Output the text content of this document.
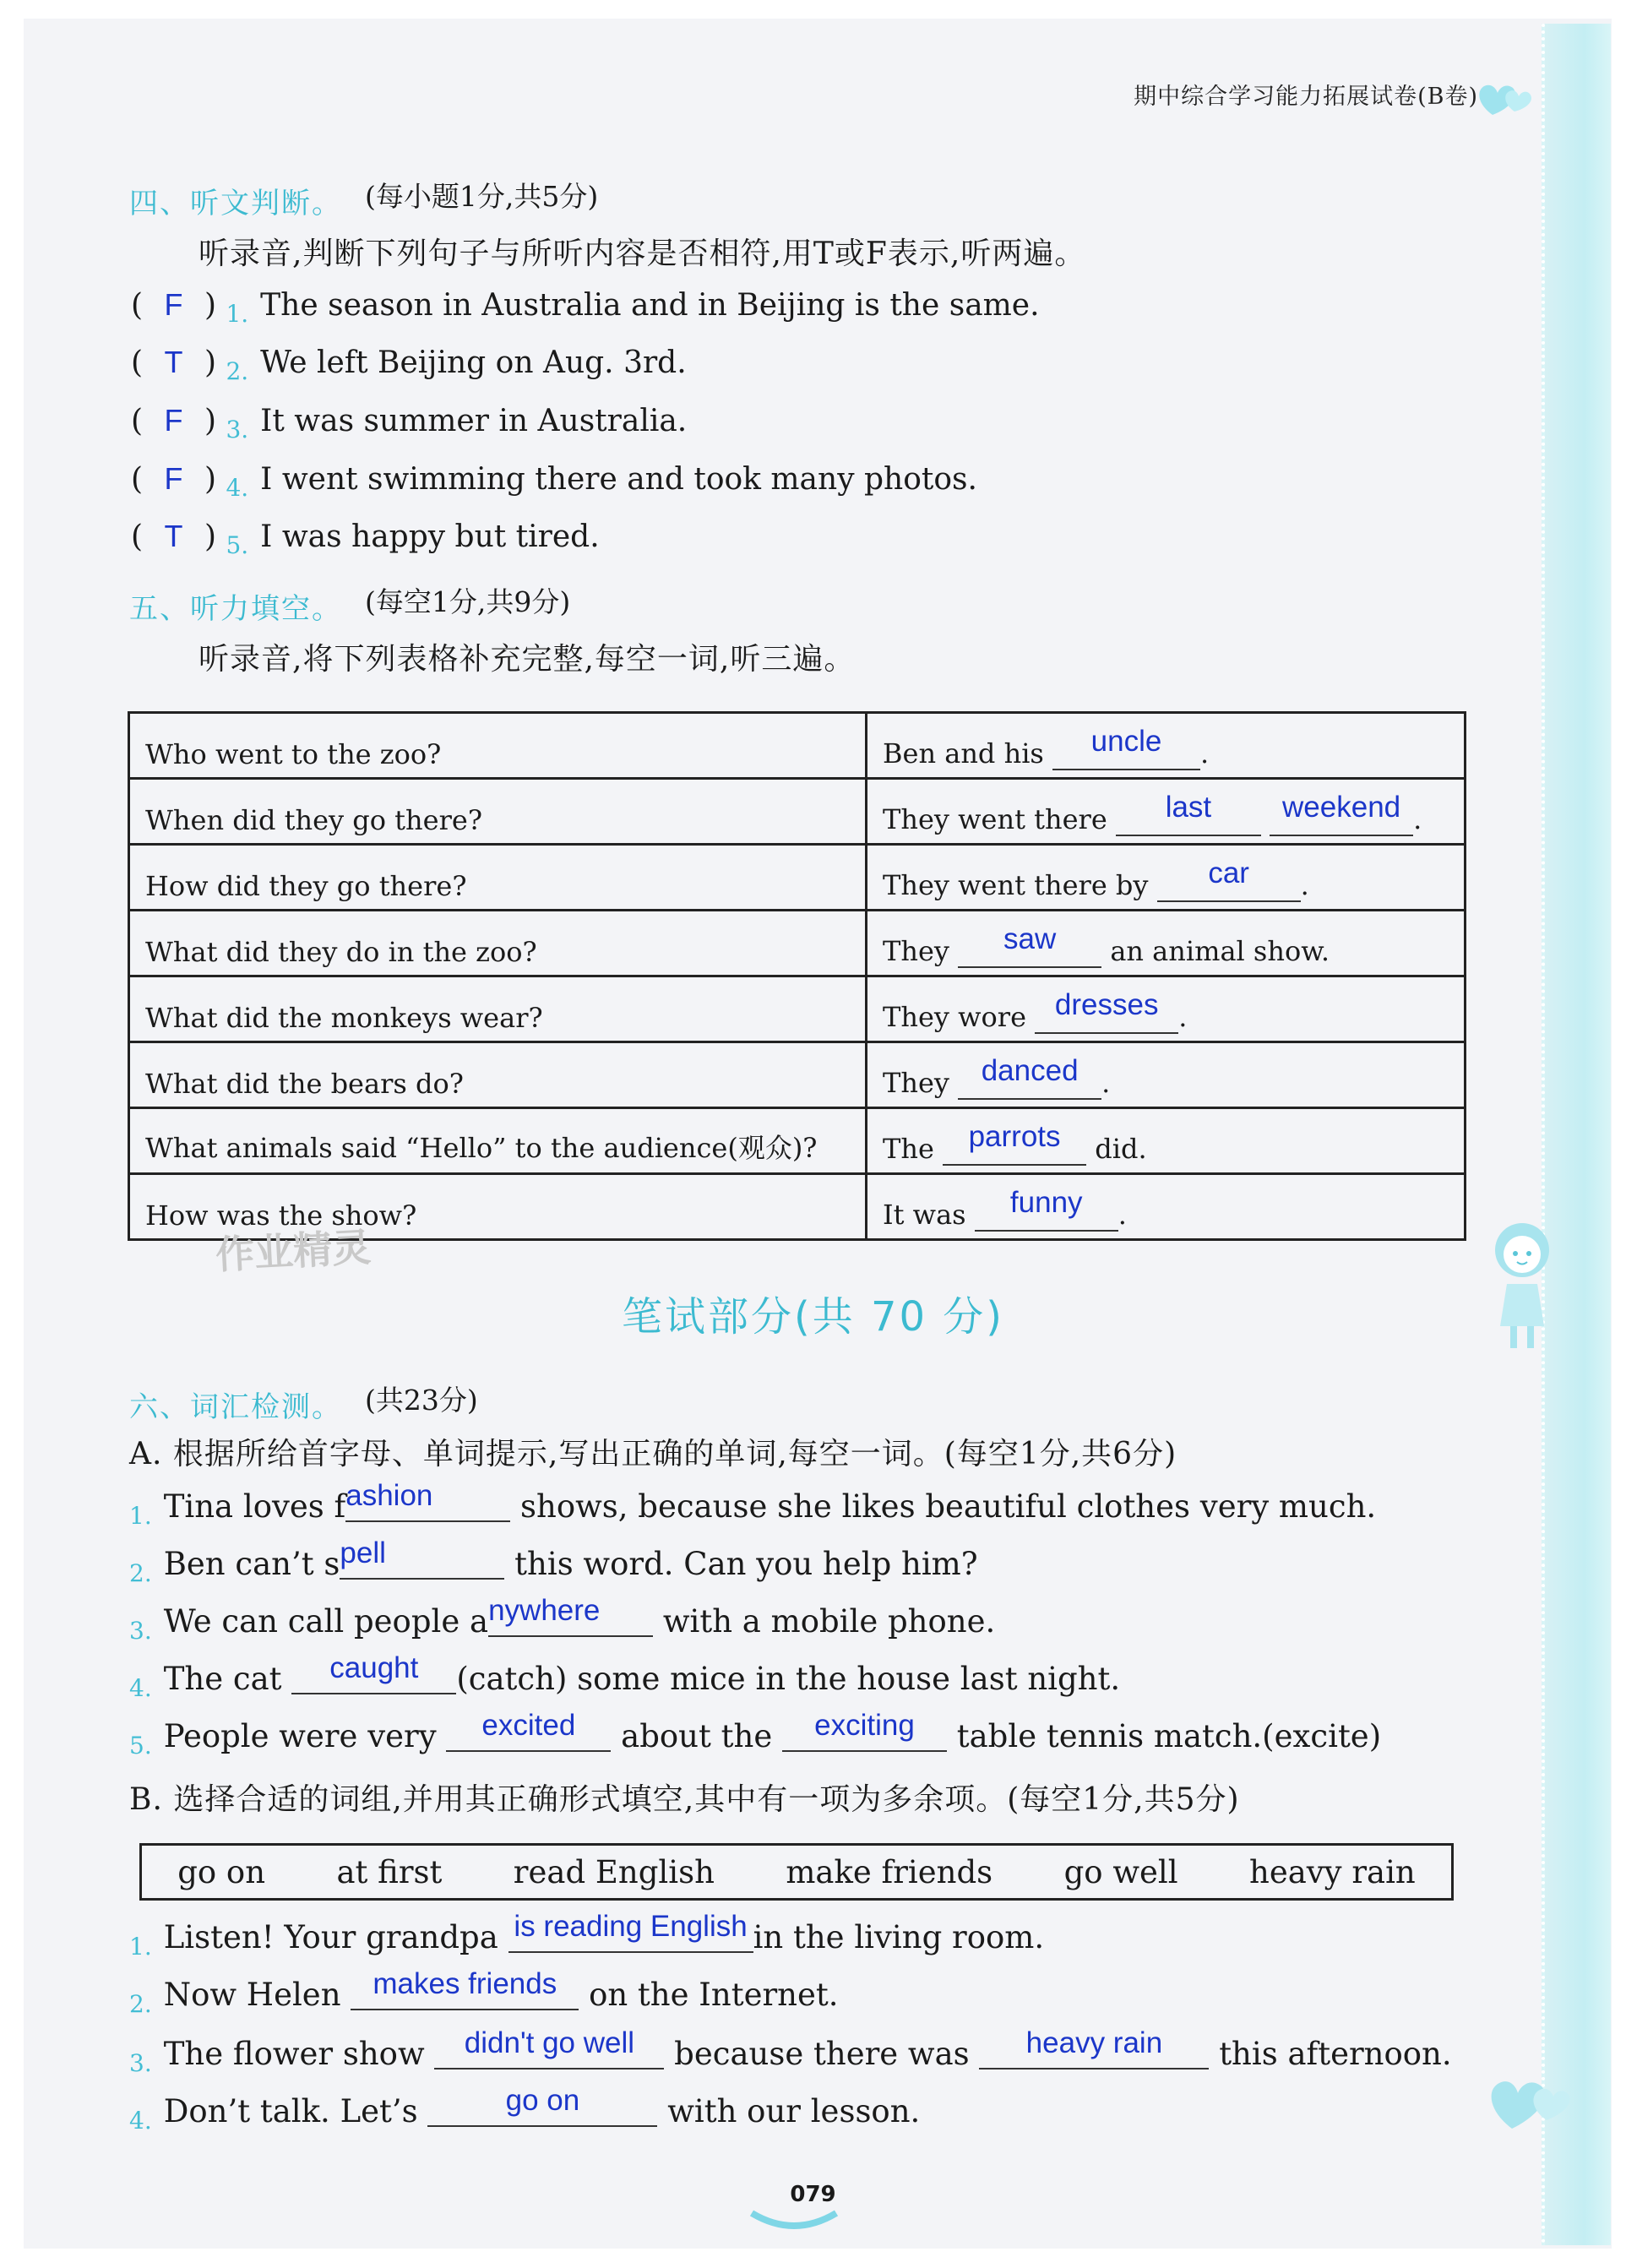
期中综合学习能力拓展试卷(B卷)
四、听文判断。 (每小题1分,共5分)
听录音,判断下列句子与所听内容是否相符,用T或F表示,听两遍。
( F ) 1. The season in Australia and in Beijing is the same.
( T ) 2. We left Beijing on Aug. 3rd.
( F ) 3. It was summer in Australia.
( F ) 4. I went swimming there and took many photos.
( T ) 5. I was happy but tired.
五、听力填空。 (每空1分,共9分)
听录音,将下列表格补充完整,每空一词,听三遍。
Who went to the zoo?	Ben and his uncle .
When did they go there?	They went there last weekend .
How did they go there?	They went there by car .
What did they do in the zoo?	They saw an animal show.
What did the monkeys wear?	They wore dresses .
What did the bears do?	They danced .
What animals said “Hello” to the audience(观众)?	The parrots did.
How was the show?	It was funny .
作业精灵
笔试部分(共 70 分)
六、词汇检测。 (共23分)
A. 根据所给首字母、单词提示,写出正确的单词,每空一词。(每空1分,共6分)
1. Tina loves fashion	shows, because she likes beautiful clothes very much.
2. Ben can’t spell	this word. Can you help him?
3. We can call people anywhere with a mobile phone.
4. The cat caught (catch) some mice in the house last night.
5. People were very excited about the exciting table tennis match.(excite)
B. 选择合适的词组,并用其正确形式填空,其中有一项为多余项。(每空1分,共5分)
go on at first read English make friends go well heavy rain
1. Listen! Your grandpa is reading English in the living room.
2. Now Helen makes friends on the Internet.
3. The flower show didn't go well because there was heavy rain this afternoon.
4. Don’t talk. Let’s	go on	with our lesson.
079
